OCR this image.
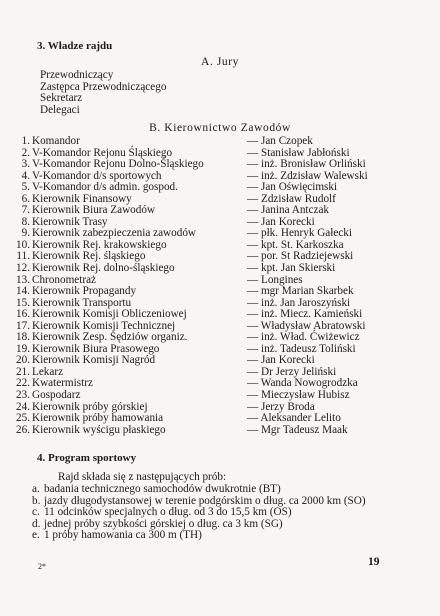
3. Władze rajdu
A. Jury
Przewodniczący
Zastępca Przewodniczącego
Sekretarz
Delegaci
B. Kierownictwo Zawodów
1. Komandor	— Jan Czopek
2. V-Komandor Rejonu Śląskiego	— Stanisław Jabłoński
3. V-Komandor Rejonu Dolno-Śląskiego	— inż. Bronisław Orliński
4. V-Komandor d/s sportowych	— inż. Zdzisław Walewski
5. V-Komandor d/s admin. gospod.	— Jan Oświęcimski
6. Kierownik Finansowy	— Zdzisław Rudolf
7. Kierownik Biura Zawodów	— Janina Antczak
8. Kierownik Trasy	— Jan Korecki
9. Kierownik zabezpieczenia zawodów	— płk. Henryk Gałecki
10. Kierownik Rej. krakowskiego	— kpt. St. Karkoszka
11. Kierownik Rej. śląskiego	— por. St Radziejewski
12. Kierownik Rej. dolno-śląskiego	— kpt. Jan Skierski
13. Chronometraż	— Longines
14. Kierownik Propagandy	— mgr Marian Skarbek
15. Kierownik Transportu	— inż. Jan Jaroszyński
16. Kierownik Komisji Obliczeniowej	— inż. Miecz. Kamieński
17. Kierownik Komisji Technicznej	— Władysław Abratowski
18. Kierownik Zesp. Sędziów organiz.	— inż. Wład. Ćwiżewicz
19. Kierownik Biura Prasowego	— inż. Tadeusz Toliński
20. Kierownik Komisji Nagród	— Jan Korecki
21. Lekarz	— Dr Jerzy Jeliński
22. Kwatermistrz	— Wanda Nowogrodzka
23. Gospodarz	— Mieczysław Hubisz
24. Kierownik próby górskiej	— Jerzy Broda
25. Kierownik próby hamowania	— Aleksander Lelito
26. Kierownik wyścigu płaskiego	— Mgr Tadeusz Maak
4. Program sportowy
Rajd składa się z następujących prób:
a. badania technicznego samochodów dwukrotnie (BT)
b. jazdy długodystansowej w terenie podgórskim o dług. ca 2000 km (SO)
c. 11 odcinków specjalnych o dług. od 3 do 15,5 km (OS)
d. jednej próby szybkości górskiej o dług. ca 3 km (SG)
e. 1 próby hamowania ca 300 m (TH)
2*	19
